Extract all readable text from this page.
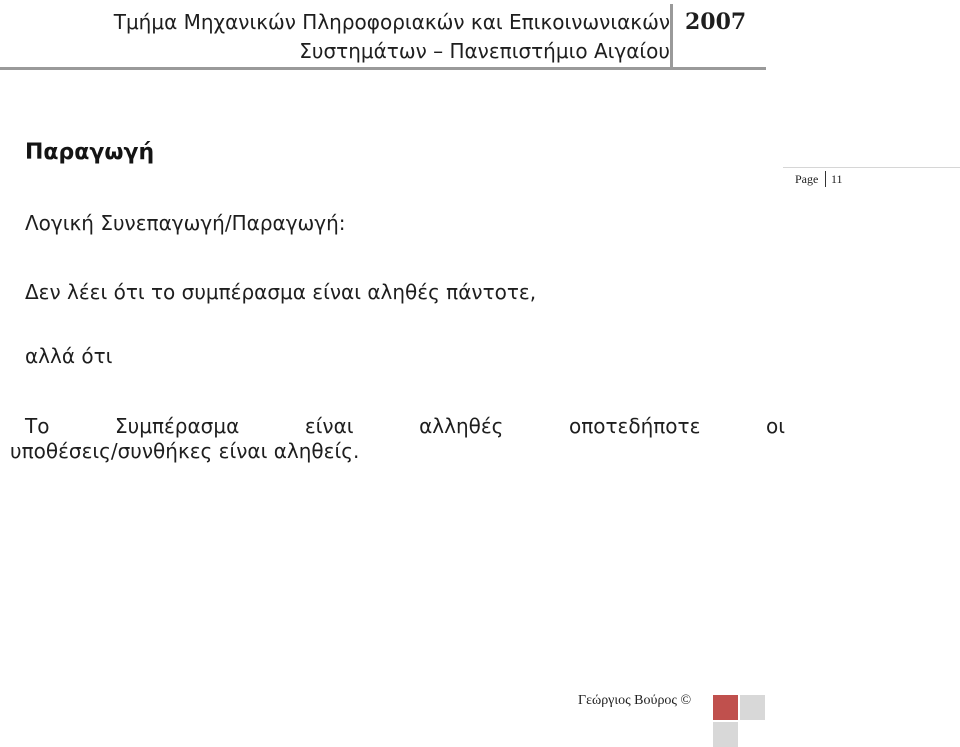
Τμήμα Μηχανικών Πληροφοριακών και Επικοινωνιακών
Συστημάτων – Πανεπιστήμιο Αιγαίου
2007
Page 11
Παραγωγή

Λογική Συνεπαγωγή/Παραγωγή:

Δεν λέει ότι το συμπέρασμα είναι αληθές πάντοτε,

αλλά ότι

Το	Συμπέρασμα	είναι	αλληθές	οποτεδήποτε	οι
υποθέσεις/συνθήκες είναι αληθείς.
Γεώργιος Βούρος ©
